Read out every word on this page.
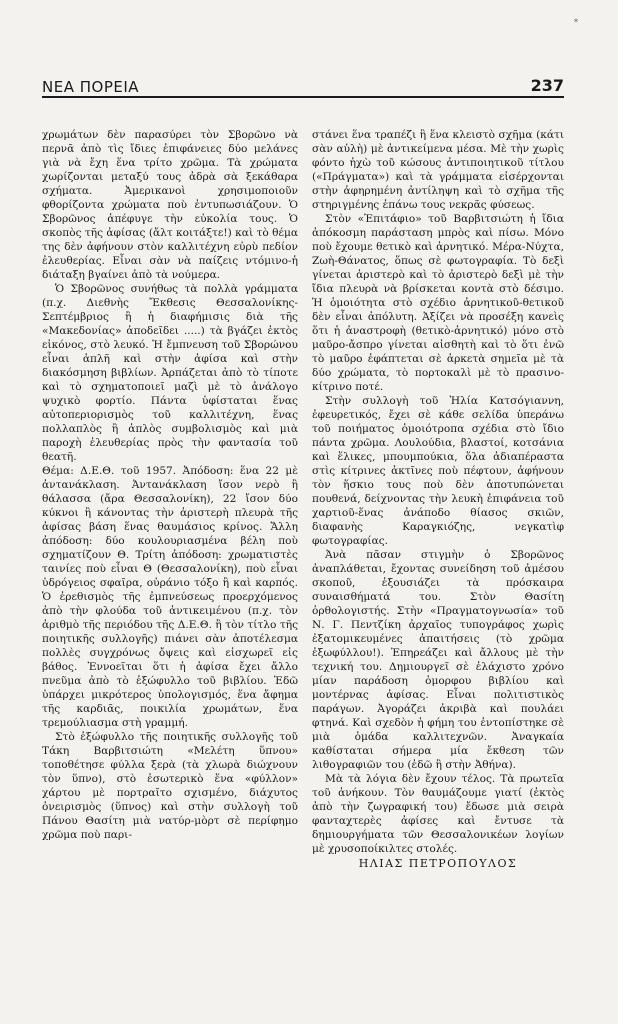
*
ΝΕΑ ΠΟΡΕΙΑ	237

χρωμάτων δὲν παρασύρει τὸν Σβορῶνο νὰ περνᾶ ἀπὸ τὶς ἴδιες ἐπιφάνειες δύο μελάνες γιὰ νὰ ἔχη ἕνα τρίτο χρῶμα. Τὰ χρώματα χωρίζονται μεταξύ τους ἀδρὰ σὰ ξεκάθαρα σχήματα. Ἀμερικανοὶ χρησιμοποιοῦν φθορίζοντα χρώματα ποὺ ἐντυπωσιάζουν. Ὁ Σβορῶνος ἀπέφυγε τὴν εὐκολία τους. Ὁ σκοπὸς τῆς ἀφίσας (ἄλτ κοιτάξτε!) καὶ τὸ θέμα της δὲν ἀφήνουν στὸν καλλιτέχνη εὐρὺ πεδίον ἐλευθερίας. Εἶναι σὰν νὰ παίζεις ντόμινο-ἡ διάταξη βγαίνει ἀπὸ τὰ νούμερα.

Ὁ Σβορῶνος συνήθως τὰ πολλὰ γράμματα (π.χ. Διεθνὴς Ἔκθεσις Θεσσαλονίκης-Σεπτέμβριος ἢ ἡ διαφήμισις διὰ τῆς «Μακεδονίας» ἀποδεῖδει .....) τὰ βγάζει ἐκτὸς εἰκόνος, στὸ λευκό. Ἡ ἔμπνευση τοῦ Σβορώνου εἶναι ἁπλῆ καὶ στὴν ἀφίσα καὶ στὴν διακόσμηση βιβλίων. Ἀρπάζεται ἀπὸ τὸ τίποτε καὶ τὸ σχηματοποιεῖ μαζὶ μὲ τὸ ἀνάλογο ψυχικὸ φορτίο. Πάντα ὑφίσταται ἕνας αὐτοπεριορισμὸς τοῦ καλλιτέχνη, ἕνας πολλαπλὸς ἢ ἁπλὸς συμβολισμὸς καὶ μιὰ παροχὴ ἐλευθερίας πρὸς τὴν φαντασία τοῦ θεατῆ.

Θέμα: Δ.Ε.Θ. τοῦ 1957. Ἀπόδοση: ἕνα 22 μὲ ἀντανάκλαση. Ἀντανάκλαση ἴσον νερὸ ἢ θάλασσα (ἄρα Θεσσαλονίκη), 22 ἴσον δύο κύκνοι ἢ κάνοντας τὴν ἀριστερὴ πλευρὰ τῆς ἀφίσας βάση ἕνας θαυμάσιος κρίνος. Ἄλλη ἀπόδοση: δύο κουλουριασμένα βέλη ποὺ σχηματίζουν Θ. Τρίτη ἀπόδοση: χρωματιστὲς ταινίες ποὺ εἶναι Θ (Θεσσαλονίκη), ποὺ εἶναι ὑδρόγειος σφαῖρα, οὐράνιο τόξο ἢ καὶ καρπός. Ὁ ἐρεθισμὸς τῆς ἐμπνεύσεως προερχόμενος ἀπὸ τὴν φλούδα τοῦ ἀντικειμένου (π.χ. τὸν ἀριθμὸ τῆς περιόδου τῆς Δ.Ε.Θ. ἢ τὸν τίτλο τῆς ποιητικῆς συλλογῆς) πιάνει σὰν ἀποτέλεσμα πολλὲς συγχρόνως ὄψεις καὶ εἰσχωρεῖ εἰς βάθος. Ἐννοεῖται ὅτι ἡ ἀφίσα ἔχει ἄλλο πνεῦμα ἀπὸ τὸ ἐξώφυλλο τοῦ βιβλίου. Ἐδῶ ὑπάρχει μικρότερος ὑπολογισμός, ἕνα ἄφημα τῆς καρδιᾶς, ποικιλία χρωμάτων, ἕνα τρεμούλιασμα στὴ γραμμή.

Στὸ ἐξώφυλλο τῆς ποιητικῆς συλλογῆς τοῦ Τάκη Βαρβιτσιώτη «Μελέτη ὕπνου» τοποθέτησε φύλλα ξερὰ (τὰ χλωρὰ διώχνουν τὸν ὕπνο), στὸ ἐσωτερικὸ ἕνα «φύλλον» χάρτου μὲ πορτραῖτο σχισμένο, διάχυτος ὀνειρισμὸς (ὕπνος) καὶ στὴν συλλογὴ τοῦ Πάνου Θασίτη μιὰ νατύρ-μὸρτ σὲ περίφημο χρῶμα ποὺ παρι-

στάνει ἕνα τραπέζι ἢ ἕνα κλειστὸ σχῆμα (κάτι σὰν αὐλὴ) μὲ ἀντικείμενα μέσα. Μὲ τὴν χωρὶς φόντο ἠχὼ τοῦ κώσους ἀντιποιητικοῦ τίτλου («Πράγματα») καὶ τὰ γράμματα εἰσέρχονται στὴν ἀφηρημένη ἀντίληψη καὶ τὸ σχῆμα τῆς στηριγμένης ἐπάνω τους νεκρᾶς φύσεως.

Στὸν «Ἐπιτάφιο» τοῦ Βαρβιτσιώτη ἡ ἴδια ἀπόκοσμη παράσταση μπρὸς καὶ πίσω. Μόνο ποὺ ἔχουμε θετικὸ καὶ ἀρνητικό. Μέρα-Νύχτα, Ζωὴ-Θάνατος, ὅπως σὲ φωτογραφία. Τὸ δεξὶ γίνεται ἀριστερὸ καὶ τὸ ἀριστερὸ δεξὶ μὲ τὴν ἴδια πλευρὰ νὰ βρίσκεται κοντὰ στὸ δέσιμο. Ἡ ὁμοιότητα στὸ σχέδιο ἀρνητικοῦ-θετικοῦ δὲν εἶναι ἀπόλυτη. Ἀξίζει νὰ προσέξη κανεὶς ὅτι ἡ ἀναστροφὴ (θετικὸ-ἀρνητικό) μόνο στὸ μαῦρο-ἄσπρο γίνεται αἰσθητὴ καὶ τὸ ὅτι ἐνῶ τὸ μαῦρο ἐφάπτεται σὲ ἀρκετὰ σημεῖα μὲ τὰ δύο χρώματα, τὸ πορτοκαλὶ μὲ τὸ πρασινο-κίτρινο ποτέ.

Στὴν συλλογὴ τοῦ Ἠλία Κατσόγιαννη, ἐφευρετικός, ἔχει σὲ κάθε σελίδα ὑπεράνω τοῦ ποιήματος ὁμοιότροπα σχέδια στὸ ἴδιο πάντα χρῶμα. Λουλούδια, βλαστοί, κοτσάνια καὶ ἕλικες, μπουμπούκια, ὅλα ἀδιαπέραστα στὶς κίτρινες ἀκτῖνες ποὺ πέφτουν, ἀφήνουν τὸν ἥσκιο τους ποὺ δὲν ἀποτυπώνεται πουθενά, δείχνοντας τὴν λευκὴ ἐπιφάνεια τοῦ χαρτιοῦ-ἕνας ἀνάποδο θίασος σκιῶν, διαφανὴς Καραγκιόζης, νεγκατὶφ φωτογραφίας.

Ἀνὰ πᾶσαν στιγμὴν ὁ Σβορῶνος ἀναπλάθεται, ἔχοντας συνείδηση τοῦ ἀμέσου σκοποῦ, ἐξουσιάζει τὰ πρόσκαιρα συναισθήματά του. Στὸν Θασίτη ὀρθολογιστής. Στὴν «Πραγματογνωσία» τοῦ Ν. Γ. Πεντζίκη ἀρχαῖος τυπογράφος χωρὶς ἐξατομικευμένες ἀπαιτήσεις (τὸ χρῶμα ἐξωφύλλου!). Ἐπηρεάζει καὶ ἄλλους μὲ τὴν τεχνική του. Δημιουργεῖ σὲ ἐλάχιστο χρόνο μίαν παράδοση ὁμορφου βιβλίου καὶ μοντέρνας ἀφίσας. Εἶναι πολιτιστικὸς παράγων. Ἀγοράζει ἀκριβὰ καὶ πουλάει φτηνά. Καὶ σχεδὸν ἡ φήμη του ἐντοπίστηκε σὲ μιὰ ὁμάδα καλλιτεχνῶν. Ἀναγκαία καθίσταται σήμερα μία ἔκθεση τῶν λιθογραφιῶν του (ἐδῶ ἢ στὴν Ἀθήνα).

Μὰ τὰ λόγια δὲν ἔχουν τέλος. Τὰ πρωτεῖα τοῦ ἀνήκουν. Τὸν θαυμάζουμε γιατί (ἐκτὸς ἀπὸ τὴν ζωγραφική του) ἔδωσε μιὰ σειρὰ φανταχτερὲς ἀφίσες καὶ ἔντυσε τὰ δημιουργήματα τῶν Θεσσαλονικέων λογίων μὲ χρυσοποίκιλτες στολές.

ΗΛΙΑΣ ΠΕΤΡΟΠΟΥΛΟΣ
